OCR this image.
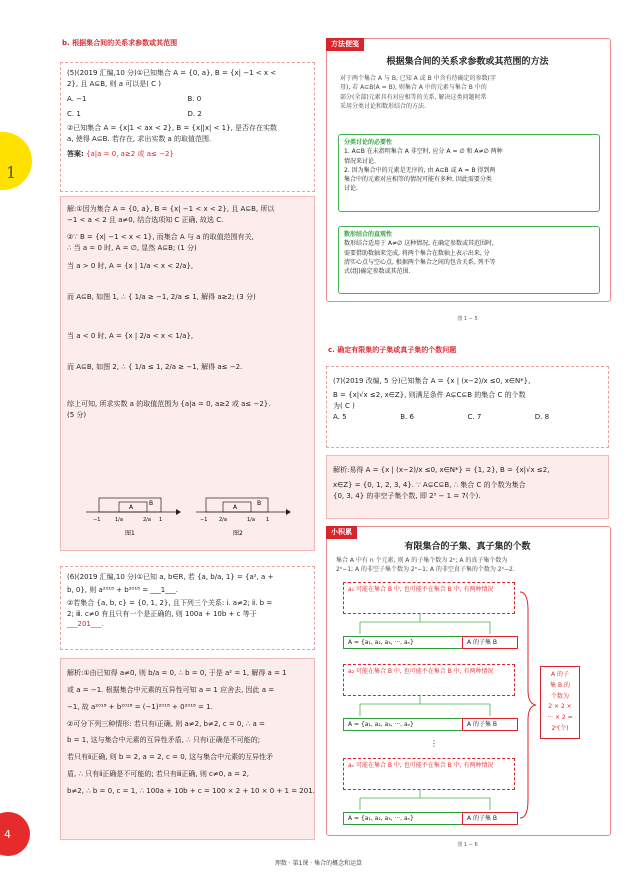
1
4
b. 根据集合间的关系求参数或其范围
(5)(2019 汇编,10 分)①已知集合 A = {0, a}, B = {x| −1 < x <
2}, 且 A⊆B, 则 a 可以是( C )
A. −1	B. 0
C. 1	D. 2
②已知集合 A = {x|1 < ax < 2}, B = {x||x| < 1}, 是否存在实数
a, 使得 A⊆B. 若存在, 求出实数 a 的取值范围.
答案: {a|a = 0, a≥2 或 a≤ −2}
解:①因为集合 A = {0, a}, B = {x| −1 < x < 2}, 且 A⊆B, 所以
−1 < a < 2 且 a≠0, 结合选项知 C 正确, 故选 C.
②∵ B = {x| −1 < x < 1}, 而集合 A 与 a 的取值范围有关,
∴ 当 a = 0 时, A = ∅, 显然 A⊆B; (1 分)
当 a > 0 时, A = {x | 1/a < x < 2/a},
而 A⊆B, 如图 1, ∴ { 1/a ≥ −1, 2/a ≤ 1, 解得 a≥2; (3 分)
当 a < 0 时, A = {x | 2/a < x < 1/a},
而 A⊆B, 如图 2, ∴ { 1/a ≤ 1, 2/a ≥ −1, 解得 a≤ −2.
综上可知, 所求实数 a 的取值范围为 {a|a = 0, a≥2 或 a≤ −2}.
(5 分)
A
B
−1	1/a	2/a 1
图1
A
B
−1 2/a	1/a 1
图2
(6)(2019 汇编,10 分)①已知 a, b∈R, 若 {a, b/a, 1} = {a², a +
b, 0}, 则 a²⁰¹⁸ + b²⁰¹⁸ = ___1___.
②若集合 {a, b, c} = {0, 1, 2}, 且下列三个关系: ⅰ. a≠2; ⅱ. b =
2; ⅲ. c≠0 有且只有一个是正确的, 则 100a + 10b + c 等于
___201___.
解析:①由已知得 a≠0, 则 b/a = 0, ∴ b = 0, 于是 a² = 1, 解得 a = 1
或 a = −1. 根据集合中元素的互异性可知 a = 1 应舍去, 因此 a =
−1, 故 a²⁰¹⁸ + b²⁰¹⁸ = (−1)²⁰¹⁸ + 0²⁰¹⁸ = 1.
②可分下列三种情形: 若只有ⅰ正确, 则 a≠2, b≠2, c = 0, ∴ a =
b = 1, 这与集合中元素的互异性矛盾, ∴ 只有ⅰ正确是不可能的;
若只有ⅱ正确, 则 b = 2, a = 2, c = 0, 这与集合中元素的互异性矛
盾, ∴ 只有ⅱ正确是不可能的; 若只有ⅲ正确, 则 c≠0, a = 2,
b≠2, ∴ b = 0, c = 1, ∴ 100a + 10b + c = 100 × 2 + 10 × 0 + 1 = 201.
方法便笺
根据集合间的关系求参数或其范围的方法
对于两个集合 A 与 B, 已知 A 或 B 中含有待确定的参数(字
母), 若 A⊆B(A = B), 则集合 A 中的元素与集合 B 中的
部分(全部)元素具有对应相等的关系, 解决这类问题时常
采用分类讨论和数形结合的方法.
分类讨论的必要性
1. A⊆B 在未指明集合 A 非空时, 应分 A = ∅ 和 A≠∅ 两种
情况来讨论.
2. 因为集合中的元素是无序的, 由 A⊆B 或 A = B 得到两
集合中的元素对应相等的情况可能有多种, 因此需要分类
讨论.
数形结合的直观性
数形结合适用于 A≠∅ 这种情况, 在确定参数或其范围时,
需要借助数轴来完成, 将两个集合在数轴上表示出来, 分
清实心点与空心点, 根据两个集合之间的包含关系, 列不等
式(组)确定参数或其范围.
图 1 − 5
c. 确定有限集的子集或真子集的个数问题
(7)(2019 改编, 5 分)已知集合 A = {x | (x−2)/x ≤0, x∈N*},
B = {x|√x ≤2, x∈Z}, 则满足条件 A⊊C⊆B 的集合 C 的个数
为( C )
A. 5	B. 6	C. 7	D. 8
解析:易得 A = {x | (x−2)/x ≤0, x∈N*} = {1, 2}, B = {x|√x ≤2,
x∈Z} = {0, 1, 2, 3, 4}. ∵ A⊊C⊆B, ∴ 集合 C 的个数为集合
{0, 3, 4} 的非空子集个数, 即 2³ − 1 = 7(个).
小积累
有限集合的子集、真子集的个数
集合 A 中有 n 个元素, 则 A 的子集个数为 2ⁿ; A 的真子集个数为
2ⁿ−1; A 的非空子集个数为 2ⁿ−1; A 的非空真子集的个数为 2ⁿ−2.
a₁ 可能在集合 B 中, 也可能不在集合 B 中, 有两种情况
A = {a₁, a₂, a₃, ···, aₙ}	A 的子集 B
a₂ 可能在集合 B 中, 也可能不在集合 B 中, 有两种情况
A = {a₁, a₂, a₃, ···, aₙ}	A 的子集 B
⋮
aₙ 可能在集合 B 中, 也可能不在集合 B 中, 有两种情况
A = {a₁, a₂, a₃, ···, aₙ}	A 的子集 B
A 的子
集 B 的
个数为
2 × 2 ×
··· × 2 =
2ⁿ(个)
图 1 − 6
理数 · 第1课 · 集合的概念和运算
